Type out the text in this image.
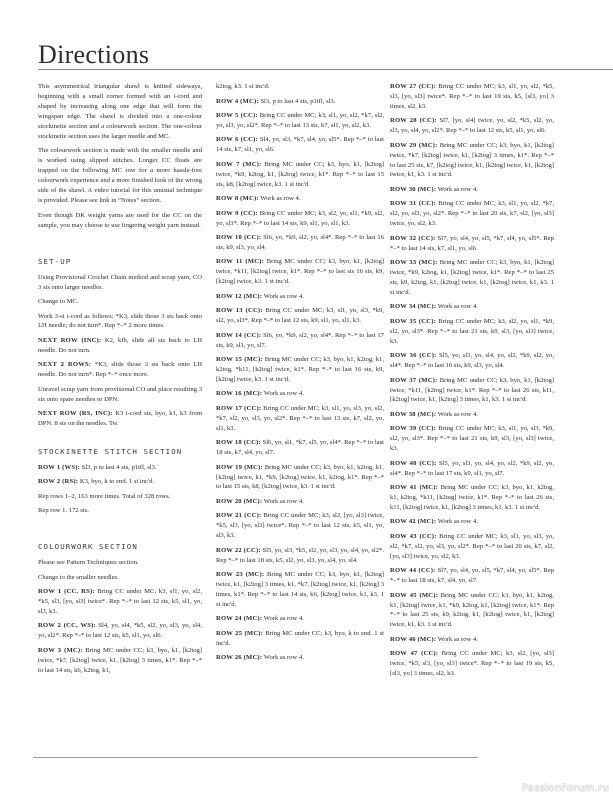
Directions

This asymmetrical triangular shawl is knitted sideways, beginning with a small corner formed with an i-cord and shaped by increasing along one edge that will form the wingspan edge. The shawl is divided into a one-colour stockinette section and a colourwork section. The one-colour stockinette section uses the larger needle and MC.

The colourwork section is made with the smaller needle and is worked using slipped stitches. Longer CC floats are trapped on the following MC row for a more hassle-free colourwork experience and a more finished look of the wrong side of the shawl. A video tutorial for this unusual technique is provided. Please see link in “Notes” section.

Even though DK weight yarns are used for the CC on the sample, you may choose to use fingering weight yarn instead.

SET-UP

Using Provisional Crochet Chain method and scrap yarn, CO 3 sts onto larger needles.

Change to MC.

Work 3-st i-cord as follows: *K3, slide those 3 sts back onto LH needle; do not turn*. Rep *–* 2 more times.

NEXT ROW (INC): K2, kfb, slide all sts back to LH needle. Do not turn.

NEXT 2 ROWS: *K3, slide those 3 sts back onto LH needle. Do not turn*. Rep *–* once more.

Unravel scrap yarn from provisional CO and place resulting 3 sts onto spare needles or DPN.

NEXT ROW (RS, INC): K3 i-cord sts, byo, k1, k3 from DPN. 8 sts on the needles. Tw.

STOCKINETTE STITCH SECTION

ROW 1 (WS): Sl3, p to last 4 sts, p1tfl, sl3.

ROW 2 (RS): K3, byo, k to end. 1 st inc'd.

Rep rows 1–2, 163 more times. Total of 328 rows.

Rep row 1. 172 sts.

COLOURWORK SECTION

Please see Pattern Techniques section.

Change to the smaller needles.

ROW 1 (CC, RS): Bring CC under MC; k3, sl1, yo, sl2, *k5, sl3, [yo, sl3] twice*. Rep *–* to last 12 sts, k5, sl1, yo, sl3, k3.

ROW 2 (CC, WS): Sl4, yo, sl4, *k5, sl2, yo, sl3, yo, sl4, yo, sl2*. Rep *–* to last 12 sts, k5, sl1, yo, sl6.

ROW 3 (MC): Bring MC under CC; k3, byo, k1, [k2tog] twice, *k7, [k2tog] twice, k1, [k2tog] 3 times, k1*. Rep *–* to last 14 sts, k6, k2tog, k1,

k2tog, k3. 1 st inc'd.

ROW 4 (MC): Sl3, p to last 4 sts, p1tfl, sl3.

ROW 5 (CC): Bring CC under MC; k3, sl1, yo, sl2, *k7, sl2, yo, sl3, yo, sl2*. Rep *–* to last 13 sts, k7, sl1, yo, sl2, k3.

ROW 6 (CC): Sl4, yo, sl3, *k7, sl4, yo, sl5*. Rep *–* to last 14 sts, k7, sl1, yo, sl6.

ROW 7 (MC): Bring MC under CC; k3, byo, k1, [k2tog] twice, *k9, k2tog, k1, [k2tog] twice, k1*. Rep *–* to last 15 sts, k8, [k2tog] twice, k3. 1 st inc'd.

ROW 8 (MC): Work as row 4.

ROW 9 (CC): Bring CC under MC; k3, sl2, yo, sl1, *k9, sl2, yo, sl3*. Rep *–* to last 14 sts, k9, sl1, yo, sl1, k3.

ROW 10 (CC): Sl6, yo, *k9, sl2, yo, sl4*. Rep *–* to last 16 sts, k9, sl3, yo, sl4.

ROW 11 (MC): Bring MC under CC; k3, byo, k1, [k2tog] twice, *k11, [k2tog] twice, k1*. Rep *–* to last sts 16 sts, k9, [k2tog] twice, k3. 1 st inc'd.

ROW 12 (MC): Work as row 4.

ROW 13 (CC): Bring CC under MC; k3, sl1, yo, sl3, *k9, sl2, yo, sl3*. Rep *–* to last 12 sts, k9, sl1, yo, sl1, k3.

ROW 14 (CC): Sl6, yo, *k9, sl2, yo, sl4*. Rep *–* to last 17 sts, k9, sl1, yo, sl7.

ROW 15 (MC): Bring MC under CC; k3, byo, k1, k2tog, k1, k2tog, *k11, [k2tog] twice, k1*. Rep *–* to last 16 sts, k9, [k2tog] twice, k3. 1 st inc'd.

ROW 16 (MC): Work as row 4.

ROW 17 (CC): Bring CC under MC; k3, sl1, yo, sl3, yo, sl2, *k7, sl2, yo, sl3, yo, sl2*. Rep *–* to last 13 sts, k7, sl2, yo, sl1, k3.

ROW 18 (CC): Sl6, yo, sl1, *k7, sl5, yo, sl4*. Rep *–* to last 18 sts, k7, sl4, yo, sl7.

ROW 19 (MC): Bring MC under CC; k3, byo, k1, k2tog, k1, [k2tog] twice, k1, *k9, [k2tog] twice, k1, k2tog, k1*. Rep *–* to last 15 sts, k8, [k2tog] twice, k3. 1 st inc'd.

ROW 20 (MC): Work as row 4.

ROW 21 (CC): Bring CC under MC; k3, sl2, [yo, sl3] twice, *k5, sl3, [yo, sl3] twice*. Rep *–* to last 12 sts, k5, sl1, yo, sl3, k3.

ROW 22 (CC): Sl5, yo, sl3, *k5, sl2, yo, sl3, yo, sl4, yo, sl2*. Rep *–* to last 18 sts, k5, sl2, yo, sl3, yo, sl4, yo, sl4.

ROW 23 (MC): Bring MC under CC; k3, byo, k1, [k2tog] twice, k1, [k2tog] 3 times, k1, *k7, [k2tog] twice, k1, [k2tog] 3 times, k1*. Rep *–* to last 14 sts, k6, [k2tog] twice, k1, k3. 1 st inc'd.

ROW 24 (MC): Work as row 4.

ROW 25 (MC): Bring MC under CC; k3, byo, k to end. 1 st inc'd.

ROW 26 (MC): Work as row 4.

ROW 27 (CC): Bring CC under MC; k3, sl1, yo, sl2, *k5, sl3, [yo, sl3] twice*. Rep *–* to last 19 sts, k5, [sl3, yo] 3 times, sl2, k3.

ROW 28 (CC): Sl7, [yo, sl4] twice, yo, sl2, *k5, sl2, yo, sl3, yo, sl4, yo, sl2*. Rep *–* to last 12 sts, k5, sl1, yo, sl6.

ROW 29 (MC): Bring MC under CC; k3, byo, k1, [k2tog] twice, *k7, [k2tog] twice, k1, [k2tog] 3 times, k1*. Rep *–* to last 25 sts, k7, [k2tog] twice, k1, [k2tog] twice, k1, [k2tog] twice, k1, k3. 1 st inc'd.

ROW 30 (MC): Work as row 4.

ROW 31 (CC): Bring CC under MC; k3, sl1, yo, sl2, *k7, sl2, yo, sl3, yo, sl2*. Rep *–* to last 20 sts, k7, sl2, [yo, sl3] twice, yo, sl2, k3.

ROW 32 (CC): Sl7, yo, sl4, yo, sl5, *k7, sl4, yo, sl5*. Rep *–* to last 14 sts, k7, sl1, yo, sl6.

ROW 33 (MC): Bring MC under CC; k3, byo, k1, [k2tog] twice, *k9, k2tog, k1, [k2tog] twice, k1*. Rep *–* to last 25 sts, k9, k2tog, k1, [k2tog] twice, k1, [k2tog] twice, k1, k3. 1 st inc'd.

ROW 34 (MC): Work as row 4.

ROW 35 (CC): Bring CC under MC; k3, sl2, yo, sl1, *k9, sl2, yo, sl3*. Rep *–* to last 21 sts, k9, sl3, [yo, sl3] twice, k3.

ROW 36 (CC): Sl5, yo, sl3, yo, sl4, yo, sl2, *k9, sl2, yo, sl4*. Rep *–* to last 16 sts, k9, sl3, yo, sl4.

ROW 37 (MC): Bring MC under CC; k3, byo, k1, [k2tog] twice, *k11, [k2tog] twice, k1*. Rep *–* to last 26 sts, k11, [k2tog] twice, k1, [k2tog] 3 times, k1, k3. 1 st inc'd.

ROW 38 (MC): Work as row 4.

ROW 39 (CC): Bring CC under MC; k3, sl1, yo, sl3, *k9, sl2, yo, sl3*. Rep *–* to last 21 sts, k9, sl3, [yo, sl3] twice, k3.

ROW 40 (CC): Sl5, yo, sl3, yo, sl4, yo, sl2, *k9, sl2, yo, sl4*. Rep *–* to last 17 sts, k9, sl1, yo, sl7.

ROW 41 (MC): Bring MC under CC; k3, byo, k1, k2tog, k1, k2tog, *k11, [k2tog] twice, k1*. Rep *–* to last 26 sts, k11, [k2tog] twice, k1, [k2tog] 3 times, k1, k3. 1 st inc'd.

ROW 42 (MC): Work as row 4.

ROW 43 (CC): Bring CC under MC; k3, sl1, yo, sl3, yo, sl2, *k7, sl2, yo, sl3, yo, sl2*. Rep *–* to last 20 sts, k7, sl2, [yo, sl3] twice, yo, sl2, k3.

ROW 44 (CC): Sl7, yo, sl4, yo, sl5, *k7, sl4, yo, sl5*. Rep *–* to last 18 sts, k7, sl4, yo, sl7.

ROW 45 (MC): Bring MC under CC; k3, byo, k1, k2tog, k1, [k2tog] twice, k1, *k9, k2tog, k1, [k2tog] twice, k1*. Rep *–* to last 25 sts, k9, k2tog, k1, [k2tog] twice, k1, [k2tog] twice, k1, k3. 1 st inc'd.

ROW 46 (MC): Work as row 4.

ROW 47 (CC): Bring CC under MC; k3, sl2, [yo, sl3] twice, *k5, sl3, [yo, sl3] twice*. Rep *–* to last 19 sts, k5, [sl3, yo] 3 times, sl2, k3.

PassionForum.ru
